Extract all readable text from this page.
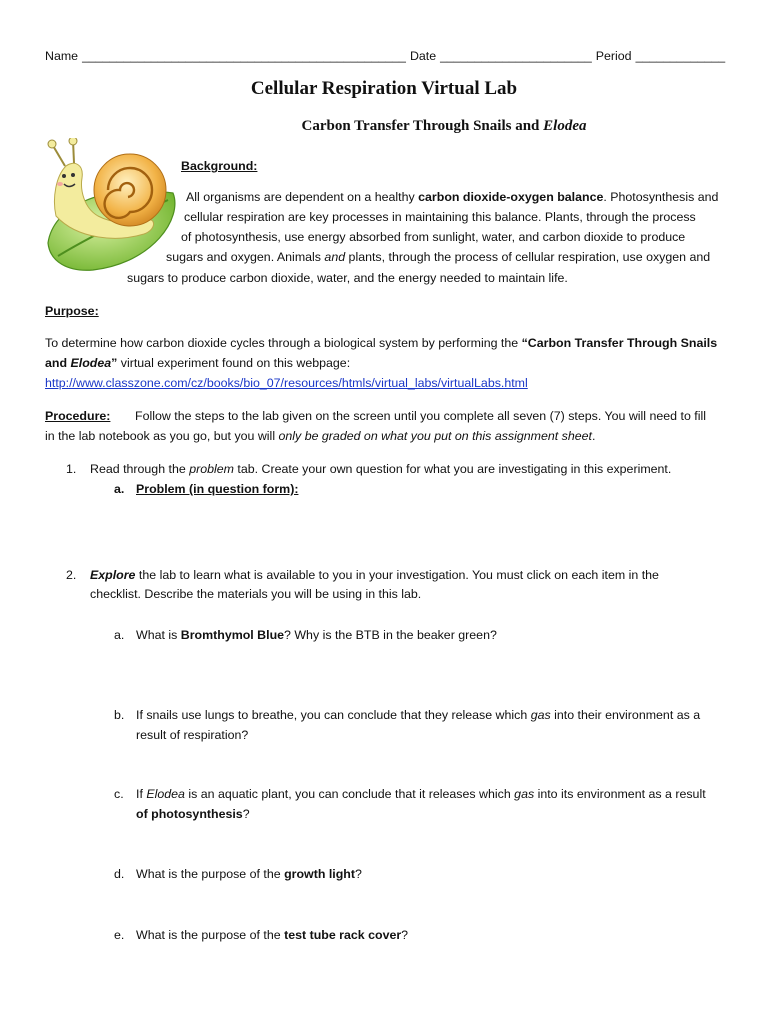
Name _______________________________________________ Date ______________________ Period _____________
Cellular Respiration Virtual Lab
Carbon Transfer Through Snails and Elodea
Background:
All organisms are dependent on a healthy carbon dioxide-oxygen balance. Photosynthesis and
cellular respiration are key processes in maintaining this balance. Plants, through the process
of photosynthesis, use energy absorbed from sunlight, water, and carbon dioxide to produce
sugars and oxygen. Animals and plants, through the process of cellular respiration, use oxygen and
sugars to produce carbon dioxide, water, and the energy needed to maintain life.
Purpose:
To determine how carbon dioxide cycles through a biological system by performing the “Carbon Transfer Through Snails
and Elodea” virtual experiment found on this webpage:
http://www.classzone.com/cz/books/bio_07/resources/htmls/virtual_labs/virtualLabs.html
Procedure: Follow the steps to the lab given on the screen until you complete all seven (7) steps. You will need to fill
in the lab notebook as you go, but you will only be graded on what you put on this assignment sheet.
1. Read through the problem tab. Create your own question for what you are investigating in this experiment.
a. Problem (in question form):
2. Explore the lab to learn what is available to you in your investigation. You must click on each item in the
checklist. Describe the materials you will be using in this lab.
a. What is Bromthymol Blue? Why is the BTB in the beaker green?
b. If snails use lungs to breathe, you can conclude that they release which gas into their environment as a
result of respiration?
c. If Elodea is an aquatic plant, you can conclude that it releases which gas into its environment as a result
of photosynthesis?
d. What is the purpose of the growth light?
e. What is the purpose of the test tube rack cover?
